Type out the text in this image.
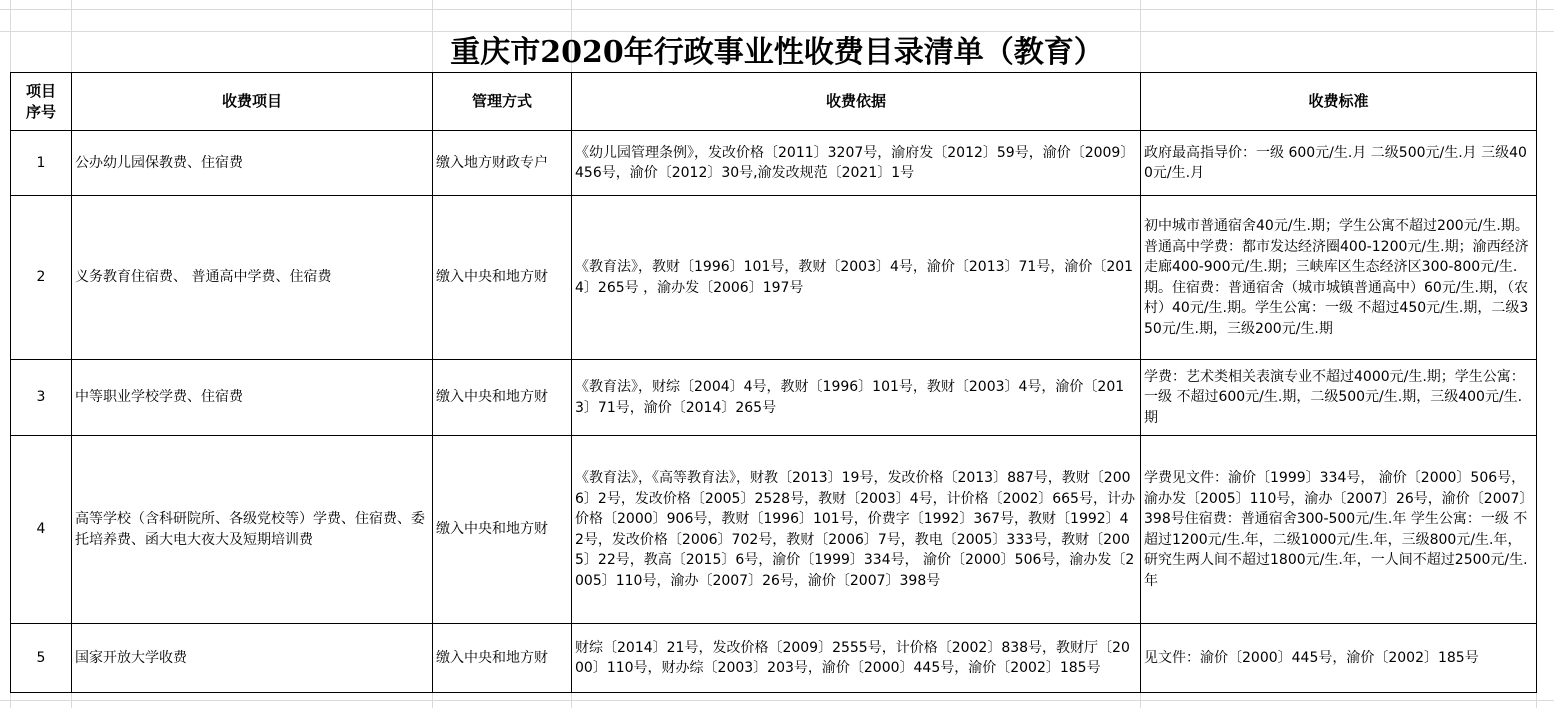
重庆市2020年行政事业性收费目录清单（教育）
项目
序号	收费项目	管理方式	收费依据	收费标准
1	公办幼儿园保教费、住宿费	缴入地方财政专户	《幼儿园管理条例》，发改价格〔2011〕3207号，渝府发〔2012〕59号，渝价〔2009〕456号，渝价〔2012〕30号,渝发改规范〔2021〕1号	政府最高指导价：一级 600元/生.月 二级500元/生.月 三级400元/生.月
2	义务教育住宿费、 普通高中学费、住宿费	缴入中央和地方财	《教育法》，教财〔1996〕101号，教财〔2003〕4号，渝价〔2013〕71号，渝价〔2014〕265号 ，渝办发〔2006〕197号	初中城市普通宿舍40元/生.期；学生公寓不超过200元/生.期。普通高中学费：都市发达经济圈400-1200元/生.期；渝西经济走廊400-900元/生.期；三峡库区生态经济区300-800元/生.期。住宿费：普通宿舍（城市城镇普通高中）60元/生.期，（农村）40元/生.期。学生公寓：一级 不超过450元/生.期，二级350元/生.期，三级200元/生.期
3	中等职业学校学费、住宿费	缴入中央和地方财	《教育法》，财综〔2004〕4号，教财〔1996〕101号，教财〔2003〕4号，渝价〔2013〕71号，渝价〔2014〕265号	学费：艺术类相关表演专业不超过4000元/生.期；学生公寓：一级 不超过600元/生.期，二级500元/生.期，三级400元/生.期
4	高等学校（含科研院所、各级党校等）学费、住宿费、委托培养费、函大电大夜大及短期培训费	缴入中央和地方财	《教育法》，《高等教育法》，财教〔2013〕19号，发改价格〔2013〕887号，教财〔2006〕2号，发改价格〔2005〕2528号，教财〔2003〕4号，计价格〔2002〕665号，计办价格〔2000〕906号，教财〔1996〕101号，价费字〔1992〕367号，教财〔1992〕42号，发改价格〔2006〕702号，教财〔2006〕7号，教电〔2005〕333号，教财〔2005〕22号，教高〔2015〕6号，渝价〔1999〕334号， 渝价〔2000〕506号，渝办发〔2005〕110号，渝办〔2007〕26号，渝价〔2007〕398号	学费见文件：渝价〔1999〕334号， 渝价〔2000〕506号，渝办发〔2005〕110号，渝办〔2007〕26号，渝价〔2007〕398号住宿费：普通宿舍300-500元/生.年 学生公寓：一级 不超过1200元/生.年，二级1000元/生.年，三级800元/生.年，研究生两人间不超过1800元/生.年，一人间不超过2500元/生.年
5	国家开放大学收费	缴入中央和地方财	财综〔2014〕21号，发改价格〔2009〕2555号，计价格〔2002〕838号，教财厅〔2000〕110号，财办综〔2003〕203号，渝价〔2000〕445号，渝价〔2002〕185号	见文件：渝价〔2000〕445号，渝价〔2002〕185号
